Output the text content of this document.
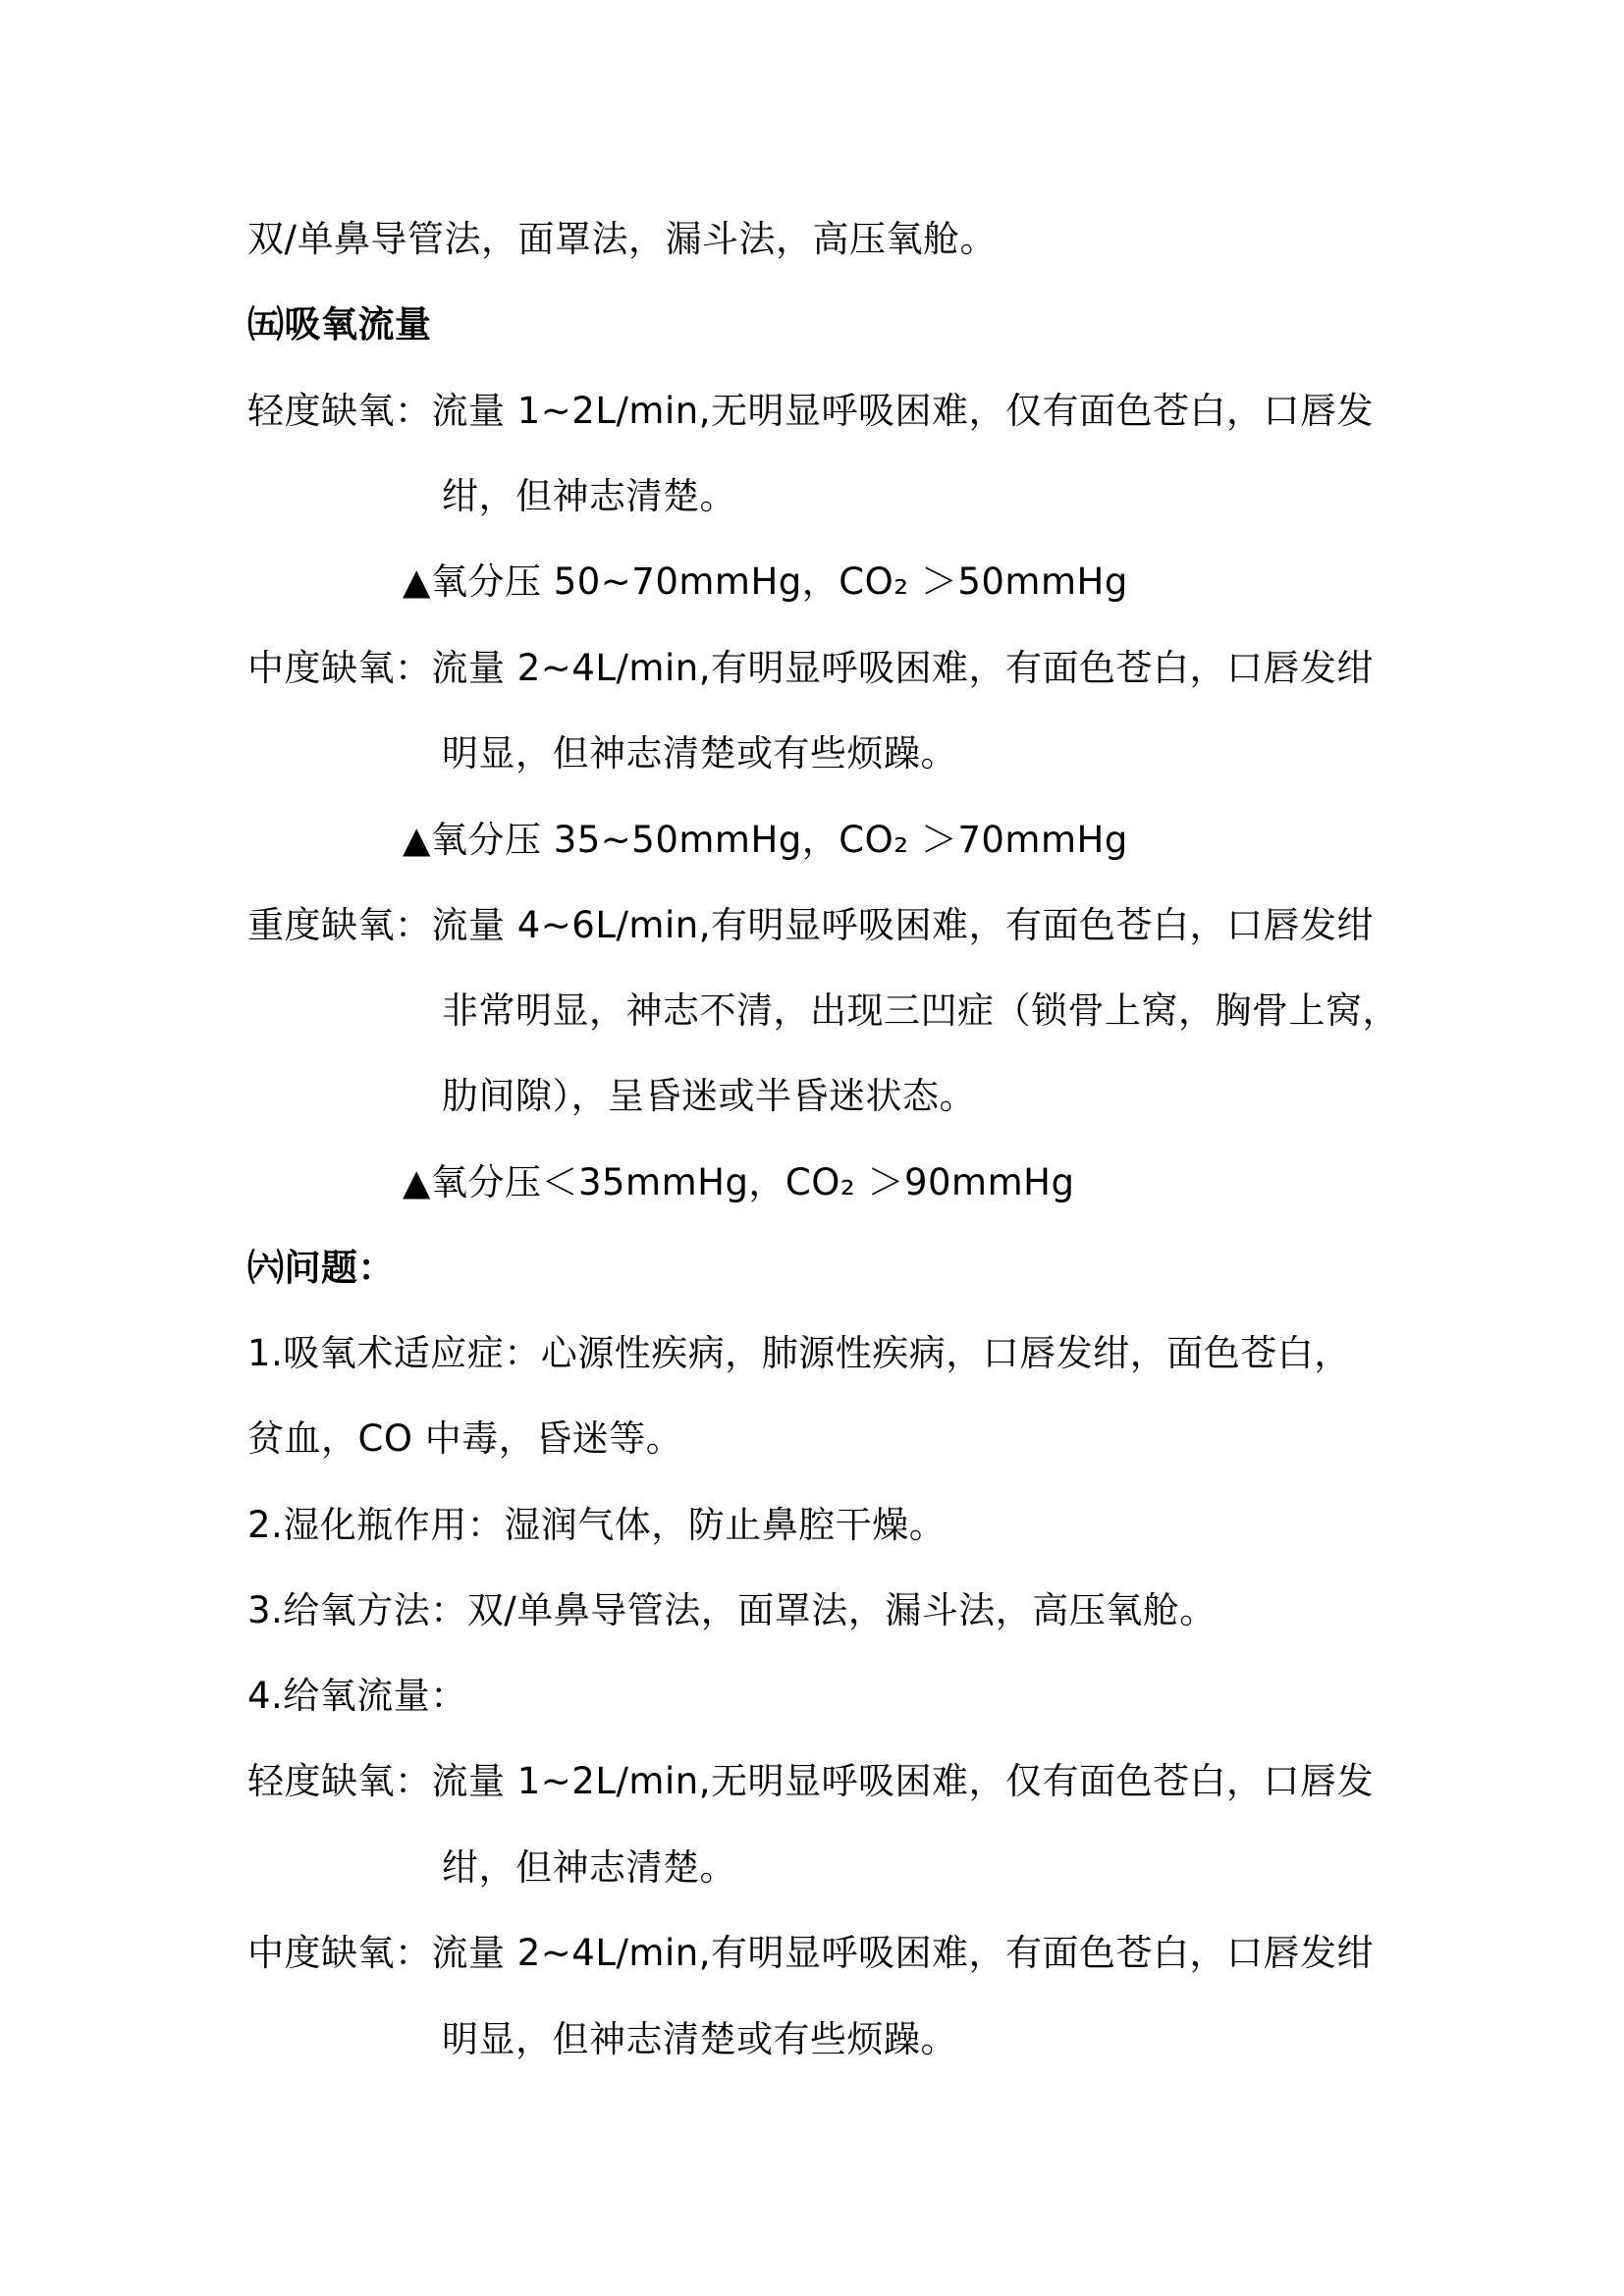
双/单鼻导管法，面罩法，漏斗法，高压氧舱。
㈤吸氧流量
轻度缺氧：流量 1~2L/min,无明显呼吸困难，仅有面色苍白，口唇发
绀，但神志清楚。
▲氧分压 50~70mmHg，CO₂ ＞50mmHg
中度缺氧：流量 2~4L/min,有明显呼吸困难，有面色苍白，口唇发绀
明显，但神志清楚或有些烦躁。
▲氧分压 35~50mmHg，CO₂ ＞70mmHg
重度缺氧：流量 4~6L/min,有明显呼吸困难，有面色苍白，口唇发绀
非常明显，神志不清，出现三凹症（锁骨上窝，胸骨上窝，
肋间隙），呈昏迷或半昏迷状态。
▲氧分压＜35mmHg，CO₂ ＞90mmHg
㈥问题：
1.吸氧术适应症：心源性疾病，肺源性疾病，口唇发绀，面色苍白，
贫血，CO 中毒，昏迷等。
2.湿化瓶作用：湿润气体，防止鼻腔干燥。
3.给氧方法：双/单鼻导管法，面罩法，漏斗法，高压氧舱。
4.给氧流量：
轻度缺氧：流量 1~2L/min,无明显呼吸困难，仅有面色苍白，口唇发
绀，但神志清楚。
中度缺氧：流量 2~4L/min,有明显呼吸困难，有面色苍白，口唇发绀
明显，但神志清楚或有些烦躁。
